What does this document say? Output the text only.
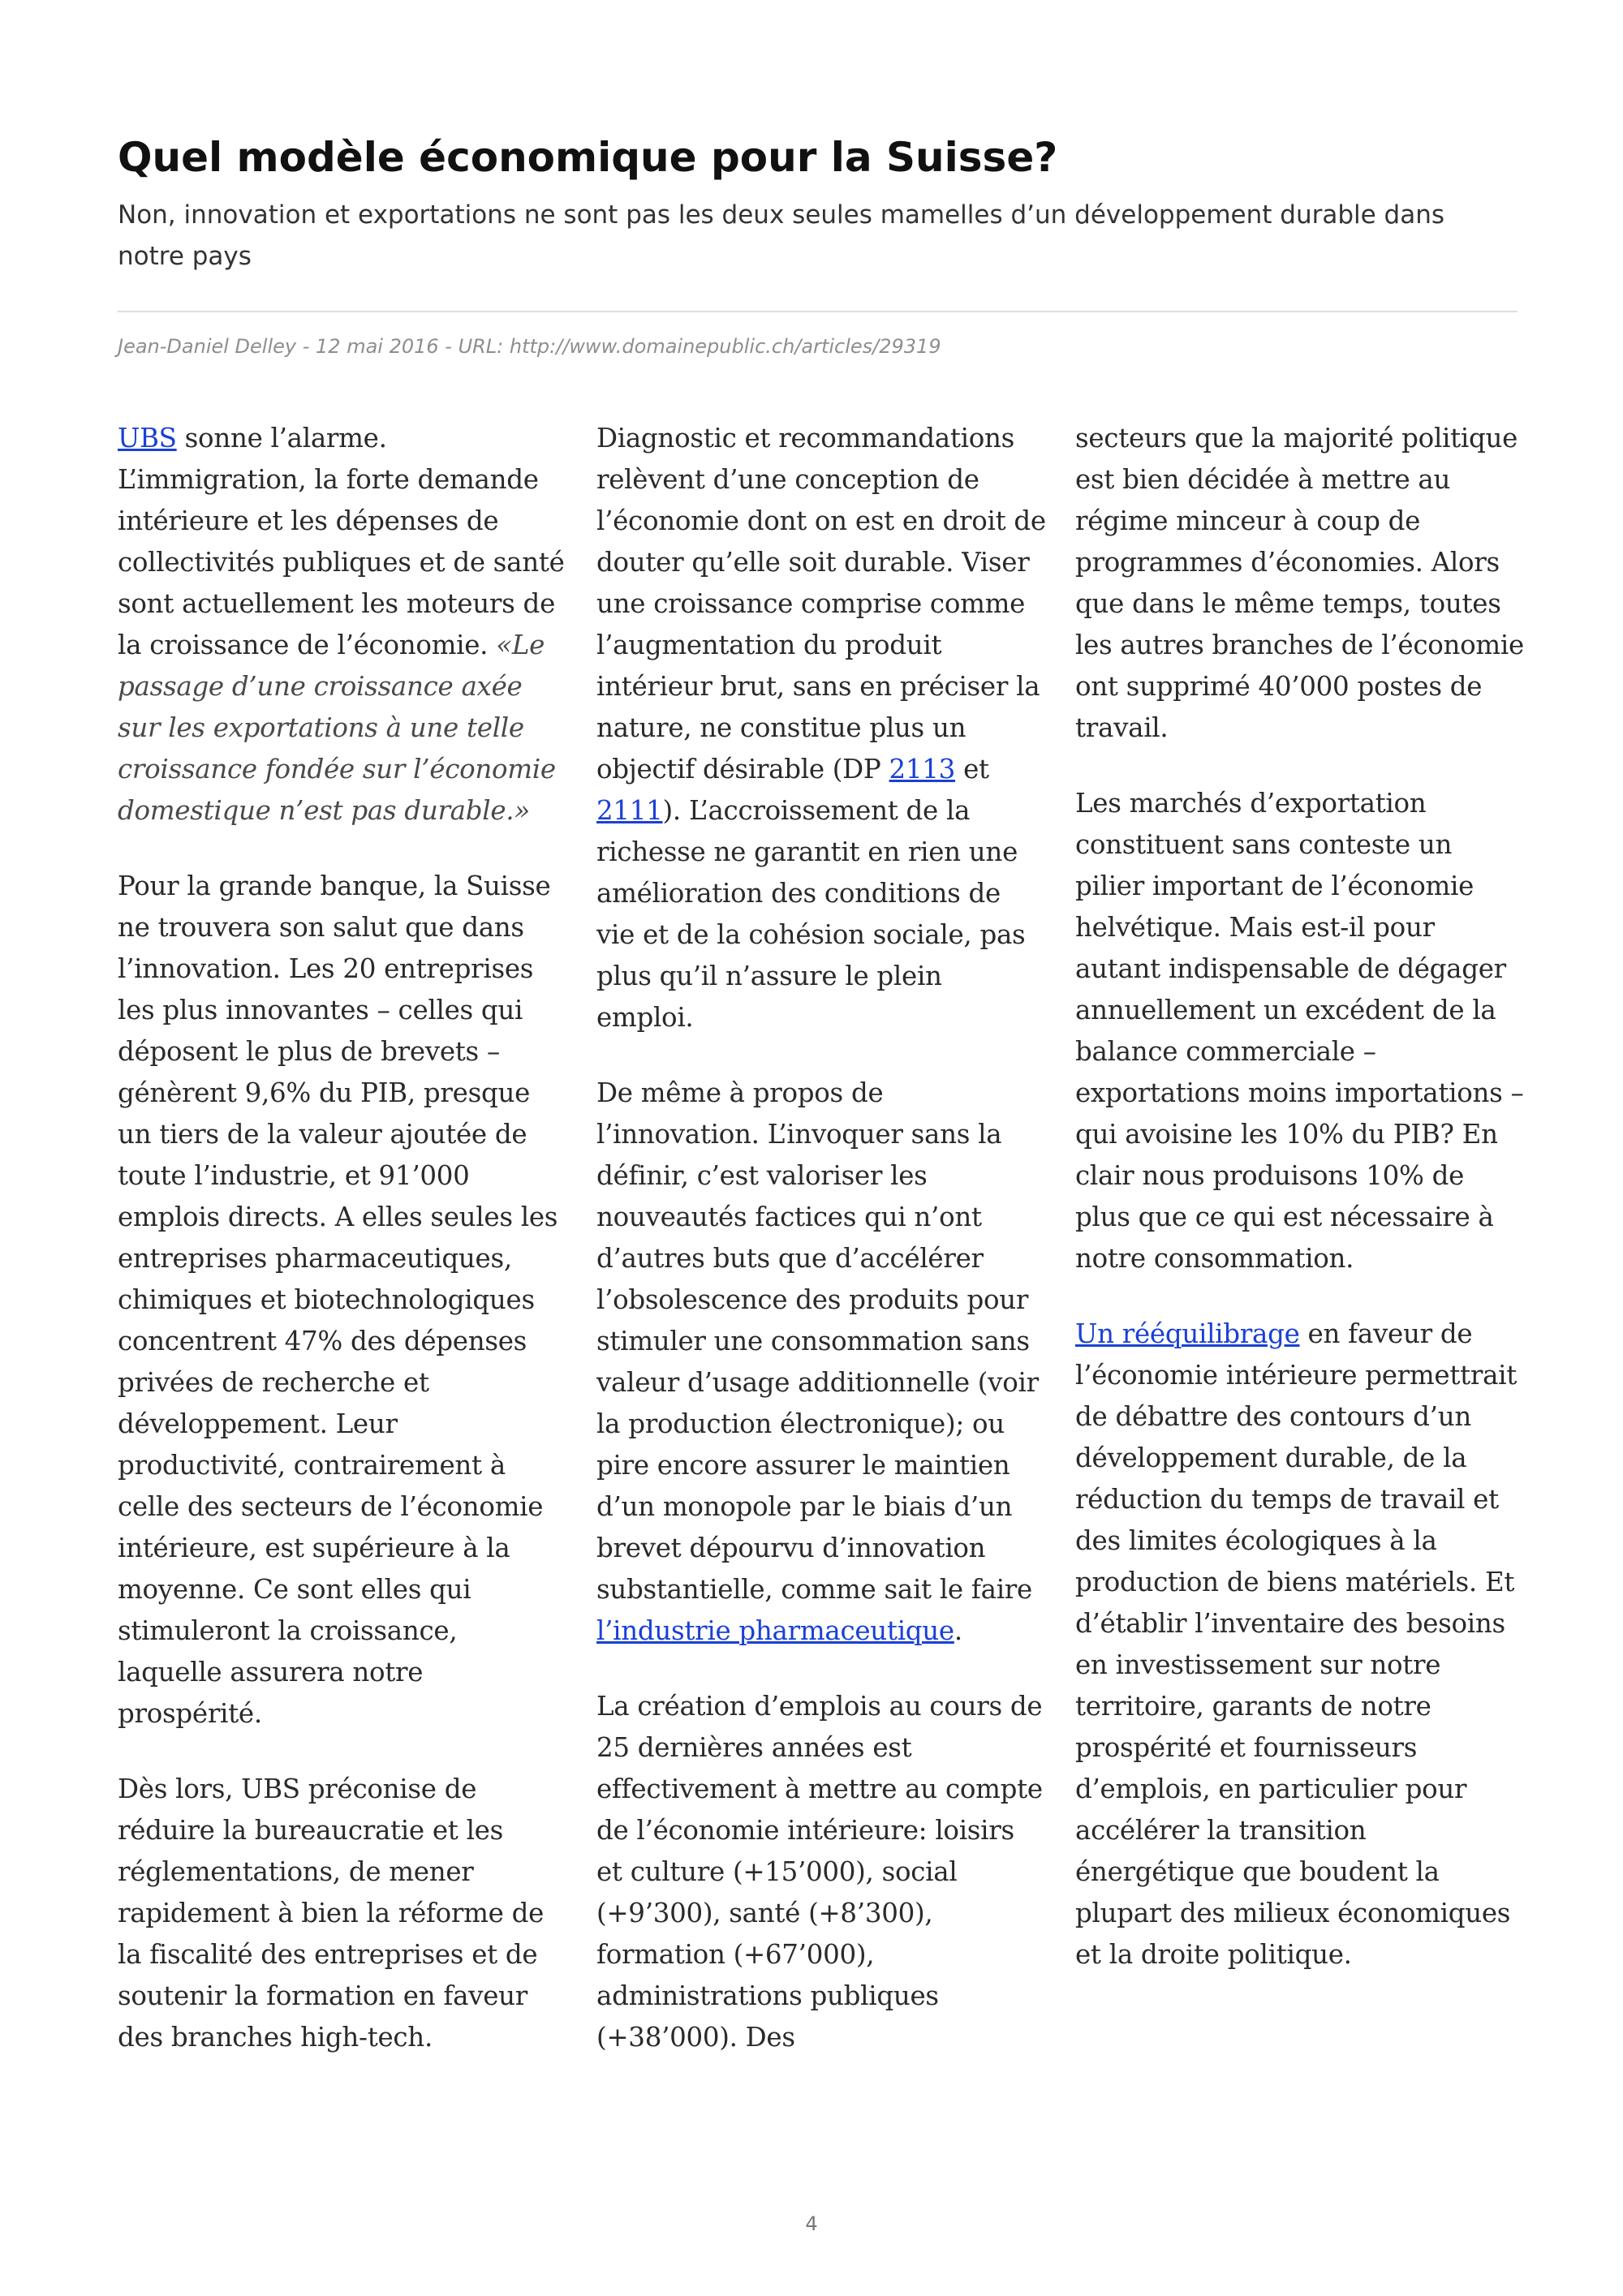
Quel modèle économique pour la Suisse?

Non, innovation et exportations ne sont pas les deux seules mamelles d’un développement durable dans notre pays

Jean-Daniel Delley - 12 mai 2016 - URL: http://www.domainepublic.ch/articles/29319

UBS sonne l’alarme. L’immigration, la forte demande intérieure et les dépenses de collectivités publiques et de santé sont actuellement les moteurs de la croissance de l’économie. «Le passage d’une croissance axée sur les exportations à une telle croissance fondée sur l’économie domestique n’est pas durable.»

Pour la grande banque, la Suisse ne trouvera son salut que dans l’innovation. Les 20 entreprises les plus innovantes – celles qui déposent le plus de brevets – génèrent 9,6% du PIB, presque un tiers de la valeur ajoutée de toute l’industrie, et 91’000 emplois directs. A elles seules les entreprises pharmaceutiques, chimiques et biotechnologiques concentrent 47% des dépenses privées de recherche et développement. Leur productivité, contrairement à celle des secteurs de l’économie intérieure, est supérieure à la moyenne. Ce sont elles qui stimuleront la croissance, laquelle assurera notre prospérité.

Dès lors, UBS préconise de réduire la bureaucratie et les réglementations, de mener rapidement à bien la réforme de la fiscalité des entreprises et de soutenir la formation en faveur des branches high-tech.

Diagnostic et recommandations relèvent d’une conception de l’économie dont on est en droit de douter qu’elle soit durable. Viser une croissance comprise comme l’augmentation du produit intérieur brut, sans en préciser la nature, ne constitue plus un objectif désirable (DP 2113 et 2111). L’accroissement de la richesse ne garantit en rien une amélioration des conditions de vie et de la cohésion sociale, pas plus qu’il n’assure le plein emploi.

De même à propos de l’innovation. L’invoquer sans la définir, c’est valoriser les nouveautés factices qui n’ont d’autres buts que d’accélérer l’obsolescence des produits pour stimuler une consommation sans valeur d’usage additionnelle (voir la production électronique); ou pire encore assurer le maintien d’un monopole par le biais d’un brevet dépourvu d’innovation substantielle, comme sait le faire l’industrie pharmaceutique.

La création d’emplois au cours de 25 dernières années est effectivement à mettre au compte de l’économie intérieure: loisirs et culture (+15’000), social (+9’300), santé (+8’300), formation (+67’000), administrations publiques (+38’000). Des

secteurs que la majorité politique est bien décidée à mettre au régime minceur à coup de programmes d’économies. Alors que dans le même temps, toutes les autres branches de l’économie ont supprimé 40’000 postes de travail.

Les marchés d’exportation constituent sans conteste un pilier important de l’économie helvétique. Mais est-il pour autant indispensable de dégager annuellement un excédent de la balance commerciale – exportations moins importations – qui avoisine les 10% du PIB? En clair nous produisons 10% de plus que ce qui est nécessaire à notre consommation.

Un rééquilibrage en faveur de l’économie intérieure permettrait de débattre des contours d’un développement durable, de la réduction du temps de travail et des limites écologiques à la production de biens matériels. Et d’établir l’inventaire des besoins en investissement sur notre territoire, garants de notre prospérité et fournisseurs d’emplois, en particulier pour accélérer la transition énergétique que boudent la plupart des milieux économiques et la droite politique.

4
